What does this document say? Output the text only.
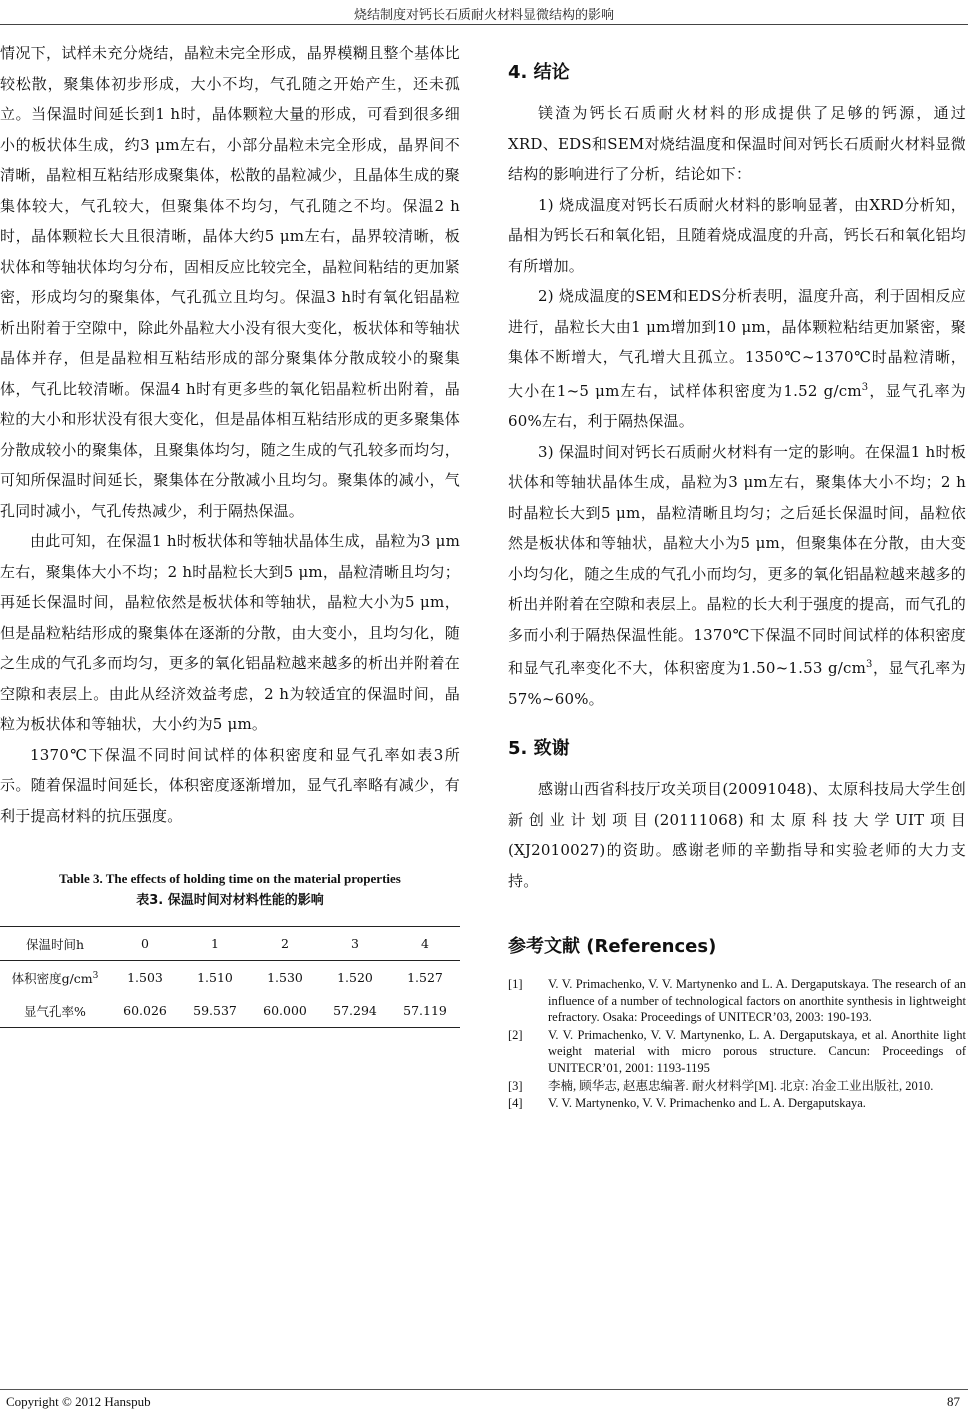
烧结制度对钙长石质耐火材料显微结构的影响

情况下，试样未充分烧结，晶粒未完全形成，晶界模糊且整个基体比较松散，聚集体初步形成，大小不均，气孔随之开始产生，还未孤立。当保温时间延长到1 h时，晶体颗粒大量的形成，可看到很多细小的板状体生成，约3 μm左右，小部分晶粒未完全形成，晶界间不清晰，晶粒相互粘结形成聚集体，松散的晶粒减少，且晶体生成的聚集体较大，气孔较大，但聚集体不均匀，气孔随之不均。保温2 h时，晶体颗粒长大且很清晰，晶体大约5 μm左右，晶界较清晰，板状体和等轴状体均匀分布，固相反应比较完全，晶粒间粘结的更加紧密，形成均匀的聚集体，气孔孤立且均匀。保温3 h时有氧化铝晶粒析出附着于空隙中，除此外晶粒大小没有很大变化，板状体和等轴状晶体并存，但是晶粒相互粘结形成的部分聚集体分散成较小的聚集体，气孔比较清晰。保温4 h时有更多些的氧化铝晶粒析出附着，晶粒的大小和形状没有很大变化，但是晶体相互粘结形成的更多聚集体分散成较小的聚集体，且聚集体均匀，随之生成的气孔较多而均匀，可知所保温时间延长，聚集体在分散减小且均匀。聚集体的减小，气孔同时减小，气孔传热减少，利于隔热保温。

由此可知，在保温1 h时板状体和等轴状晶体生成，晶粒为3 μm左右，聚集体大小不均；2 h时晶粒长大到5 μm，晶粒清晰且均匀；再延长保温时间，晶粒依然是板状体和等轴状，晶粒大小为5 μm，但是晶粒粘结形成的聚集体在逐渐的分散，由大变小，且均匀化，随之生成的气孔多而均匀，更多的氧化铝晶粒越来越多的析出并附着在空隙和表层上。由此从经济效益考虑，2 h为较适宜的保温时间，晶粒为板状体和等轴状，大小约为5 μm。

1370℃下保温不同时间试样的体积密度和显气孔率如表3所示。随着保温时间延长，体积密度逐渐增加，显气孔率略有减少，有利于提高材料的抗压强度。

Table 3. The effects of holding time on the material properties

表3. 保温时间对材料性能的影响

保温时间h	0	1	2	3	4
体积密度$g/cm^3$	1.503	1.510	1.530	1.520	1.527
显气孔率%	60.026	59.537	60.000	57.294	57.119
4. 结论

镁渣为钙长石质耐火材料的形成提供了足够的钙源，通过XRD、EDS和SEM对烧结温度和保温时间对钙长石质耐火材料显微结构的影响进行了分析，结论如下：

1) 烧成温度对钙长石质耐火材料的影响显著，由XRD分析知，晶相为钙长石和氧化铝，且随着烧成温度的升高，钙长石和氧化铝均有所增加。

2) 烧成温度的SEM和EDS分析表明，温度升高，利于固相反应进行，晶粒长大由1 μm增加到10 μm，晶体颗粒粘结更加紧密，聚集体不断增大，气孔增大且孤立。1350℃~1370℃时晶粒清晰，大小在1~5 μm左右，试样体积密度为1.52 $g/cm^3$，显气孔率为60%左右，利于隔热保温。

3) 保温时间对钙长石质耐火材料有一定的影响。在保温1 h时板状体和等轴状晶体生成，晶粒为3 μm左右，聚集体大小不均；2 h时晶粒长大到5 μm，晶粒清晰且均匀；之后延长保温时间，晶粒依然是板状体和等轴状，晶粒大小为5 μm，但聚集体在分散，由大变小均匀化，随之生成的气孔小而均匀，更多的氧化铝晶粒越来越多的析出并附着在空隙和表层上。晶粒的长大利于强度的提高，而气孔的多而小利于隔热保温性能。1370℃下保温不同时间试样的体积密度和显气孔率变化不大，体积密度为1.50~1.53 $g/cm^3$，显气孔率为57%~60%。

5. 致谢

感谢山西省科技厅攻关项目(20091048)、太原科技局大学生创新创业计划项目(20111068)和太原科技大学UIT项目(XJ2010027)的资助。感谢老师的辛勤指导和实验老师的大力支持。

参考文献 (References)
[1] V. V. Primachenko, V. V. Martynenko and L. A. Dergaputskaya. The research of an influence of a number of technological factors on anorthite synthesis in lightweight refractory. Osaka: Proceedings of UNITECR’03, 2003: 190-193.
[2] V. V. Primachenko, V. V. Martynenko, L. A. Dergaputskaya, et al. Anorthite light weight material with micro porous structure. Cancun: Proceedings of UNITECR’01, 2001: 1193-1195
[3] 李楠, 顾华志, 赵惠忠编著. 耐火材料学[M]. 北京: 冶金工业出版社, 2010.
[4] V. V. Martynenko, V. V. Primachenko and L. A. Dergaputskaya.
Copyright © 2012 Hanspub	87
